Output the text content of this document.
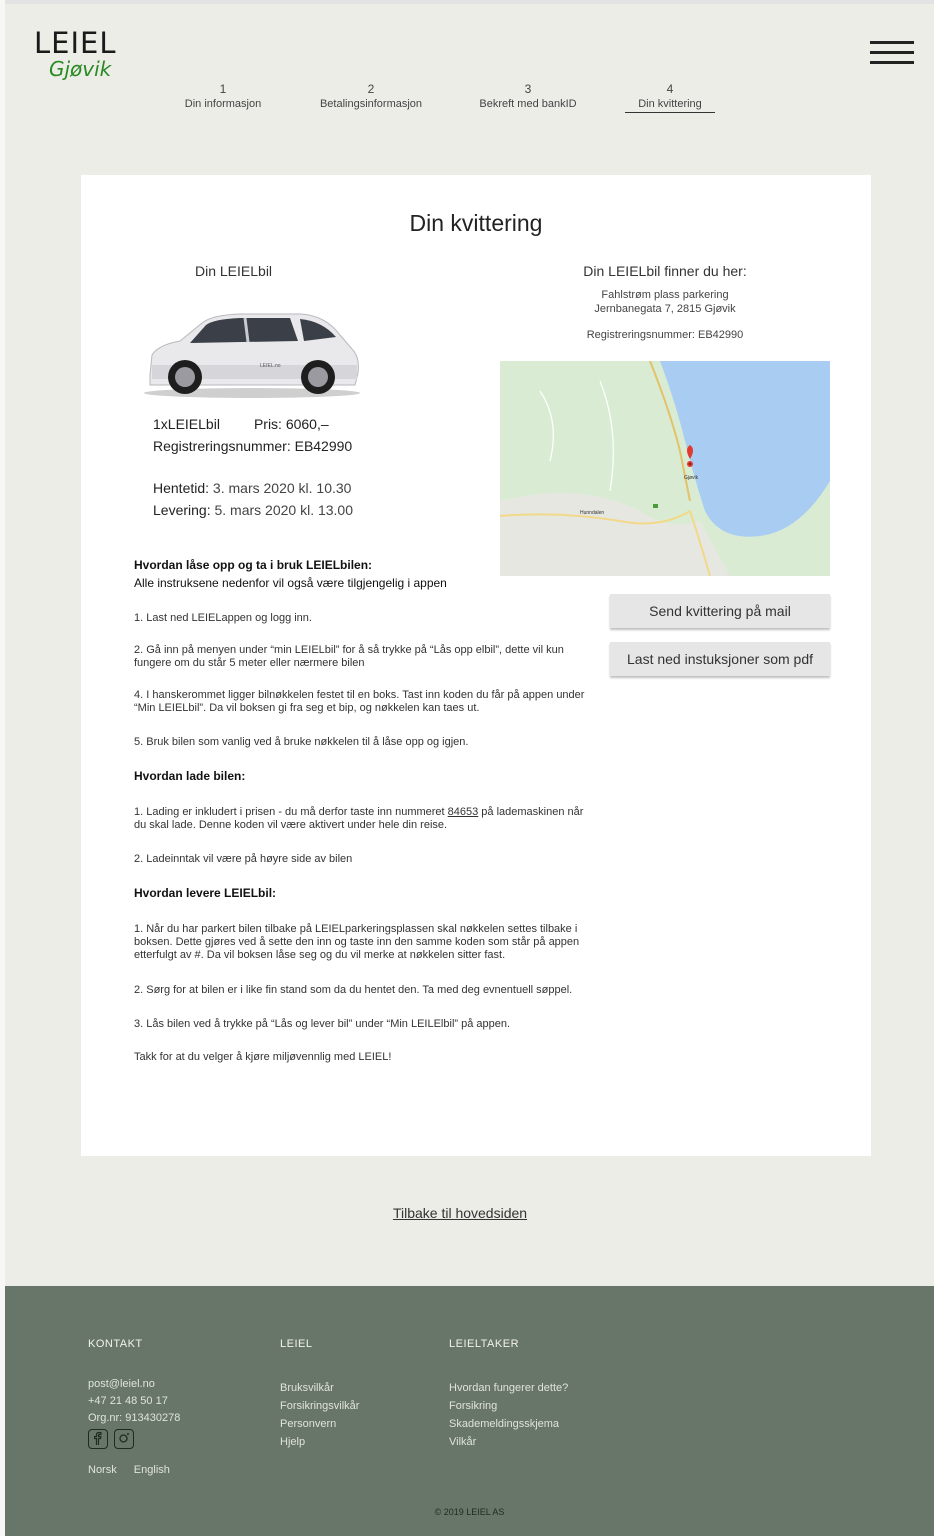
LEIEL
Gjøvik
1
Din informasjon
2
Betalingsinformasjon
3
Bekreft med bankID
4
Din kvittering
Din kvittering
Din LEIELbil
LEIEL.no
1xLEIELbil Pris: 6060,–
Registreringsnummer: EB42990
Hentetid: 3. mars 2020 kl. 10.30
Levering: 5. mars 2020 kl. 13.00
Din LEIELbil finner du her:
Fahlstrøm plass parkering
Jernbanegata 7, 2815 Gjøvik
Registreringsnummer: EB42990
Gjøvik
Hunndalen
Send kvittering på mail
Last ned instuksjoner som pdf
Hvordan låse opp og ta i bruk LEIELbilen:
Alle instruksene nedenfor vil også være tilgjengelig i appen
1. Last ned LEIELappen og logg inn.
2. Gå inn på menyen under “min LEIELbil” for å så trykke på “Lås opp elbil”, dette vil kun fungere om du står 5 meter eller nærmere bilen
4. I hanskerommet ligger bilnøkkelen festet til en boks. Tast inn koden du får på appen under “Min LEIELbil”. Da vil boksen gi fra seg et bip, og nøkkelen kan taes ut.
5. Bruk bilen som vanlig ved å bruke nøkkelen til å låse opp og igjen.
Hvordan lade bilen:
1. Lading er inkludert i prisen - du må derfor taste inn nummeret 84653 på lademaskinen når du skal lade. Denne koden vil være aktivert under hele din reise.
2. Ladeinntak vil være på høyre side av bilen
Hvordan levere LEIELbil:
1. Når du har parkert bilen tilbake på LEIELparkeringsplassen skal nøkkelen settes tilbake i boksen. Dette gjøres ved å sette den inn og taste inn den samme koden som står på appen etterfulgt av #. Da vil boksen låse seg og du vil merke at nøkkelen sitter fast.
2. Sørg for at bilen er i like fin stand som da du hentet den. Ta med deg evnentuell søppel.
3. Lås bilen ved å trykke på “Lås og lever bil” under “Min LEILElbil” på appen.
Takk for at du velger å kjøre miljøvennlig med LEIEL!
Tilbake til hovedsiden
KONTAKT
post@leiel.no
+47 21 48 50 17
Org.nr: 913430278
LEIEL
Bruksvilkår
Forsikringsvilkår
Personvern
Hjelp
LEIELTAKER
Hvordan fungerer dette?
Forsikring
Skademeldingsskjema
Vilkår
Norsk English
© 2019 LEIEL AS
